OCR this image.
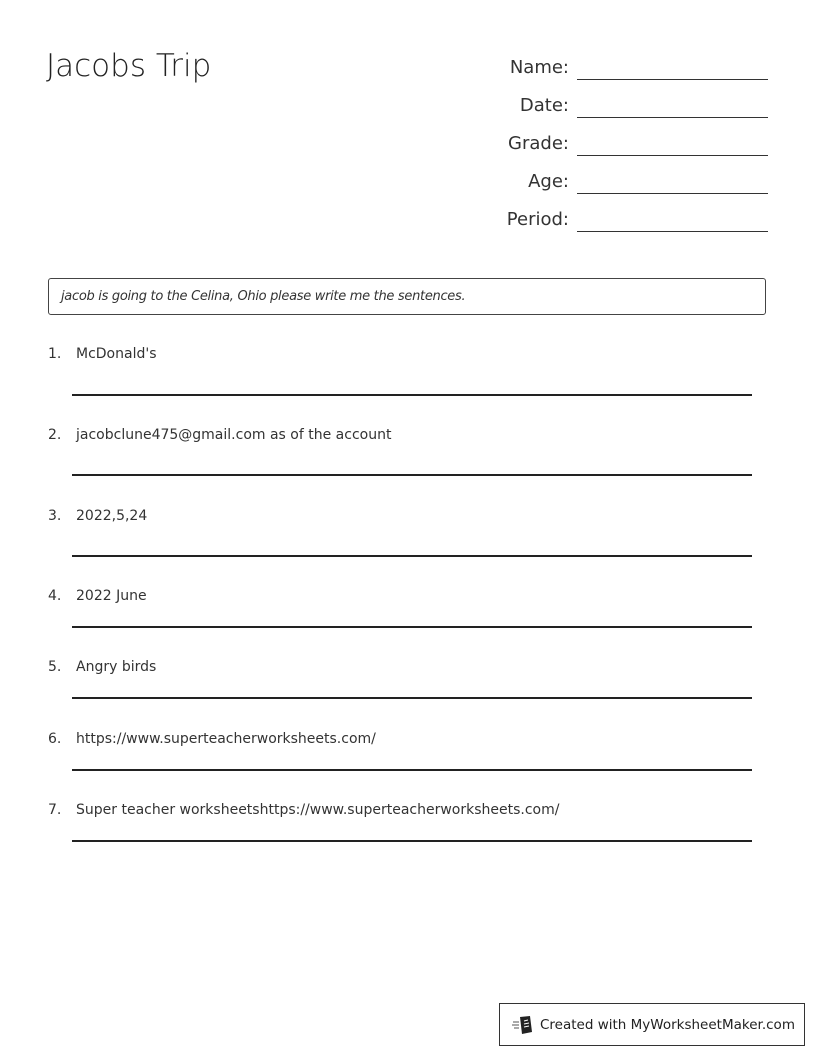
Jacobs Trip	Name:
Date:
Grade:
Age:
Period:
jacob is going to the Celina, Ohio please write me the sentences.
1. McDonald's
2. jacobclune475@gmail.com as of the account
3. 2022,5,24
4. 2022 June
5. Angry birds
6. https://www.superteacherworksheets.com/
7. Super teacher worksheetshttps://www.superteacherworksheets.com/
Created with MyWorksheetMaker.com
